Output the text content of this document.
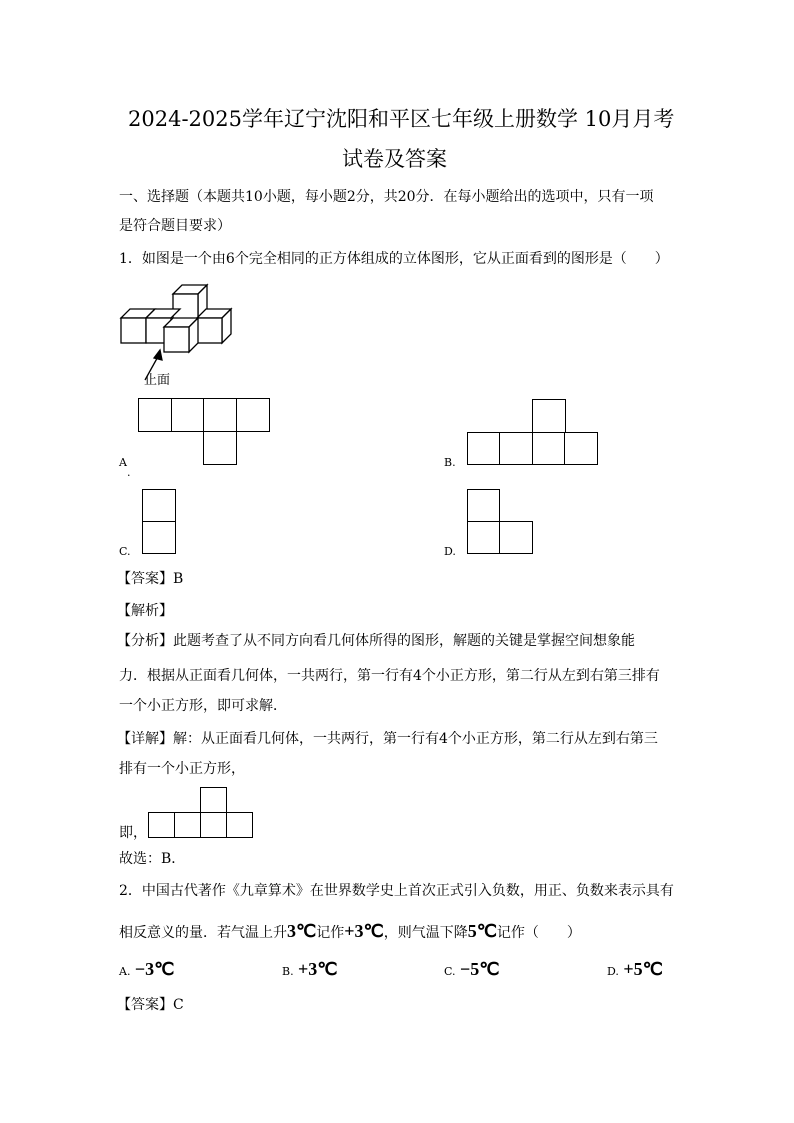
2024-2025学年辽宁沈阳和平区七年级上册数学 10月月考
试卷及答案
一、选择题（本题共10小题，每小题2分，共20分．在每小题给出的选项中，只有一项
是符合题目要求）
1．如图是一个由6个完全相同的正方体组成的立体图形，它从正面看到的图形是（　　）
止面
A
.
B.
C.	D.
【答案】B
【解析】
【分析】此题考查了从不同方向看几何体所得的图形，解题的关键是掌握空间想象能
力．根据从正面看几何体，一共两行，第一行有4个小正方形，第二行从左到右第三排有
一个小正方形，即可求解．
【详解】解：从正面看几何体，一共两行，第一行有4个小正方形，第二行从左到右第三
排有一个小正方形，
即，
故选：B．
2．中国古代著作《九章算术》在世界数学史上首次正式引入负数，用正、负数来表示具有
相反意义的量．若气温上升3℃记作+3℃，则气温下降5℃记作（　　）
A. −3℃	B. +3℃	C. −5℃	D. +5℃
【答案】C
